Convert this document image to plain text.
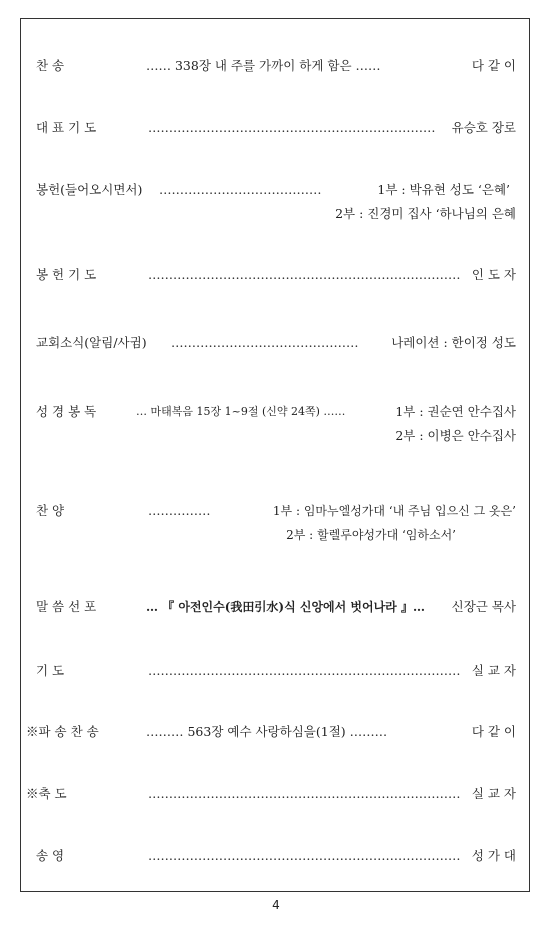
찬 송	…… 338장 내 주를 가까이 하게 함은 ……	다 같 이
대 표 기 도	…………………………………………………………… 유승호 장로
봉헌(들어오시면서) …………………………………	1부 : 박유현 성도 ‘은혜’
2부 : 진경미 집사 ‘하나님의 은혜
봉 헌 기 도	………………………………………………………………… 인 도 자
교회소식(알림/사귐) ………………………………………	나레이션 : 한이정 성도
성 경 봉 독	… 마태복음 15장 1~9절 (신약 24쪽) ……	1부 : 권순연 안수집사
2부 : 이병은 안수집사
찬 양	……………	1부 : 임마누엘성가대 ‘내 주님 입으신 그 옷은’
2부 : 할렐루야성가대 ‘임하소서’
말 씀 선 포	… 『 아전인수(我田引水)식 신앙에서 벗어나라 』… 신장근 목사
기 도	………………………………………………………………… 실 교 자
※파 송 찬 송	……… 563장 예수 사랑하심을(1절) ………	다 같 이
※축 도	………………………………………………………………… 실 교 자
송 영	………………………………………………………………… 성 가 대
4
